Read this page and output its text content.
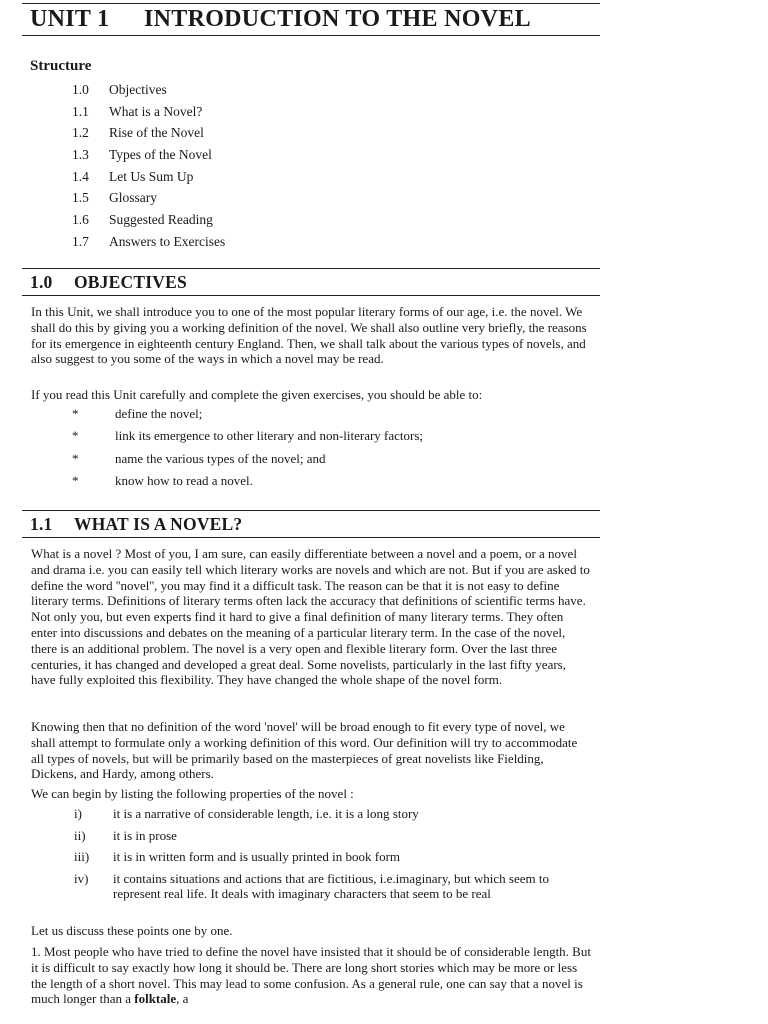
UNIT 1 INTRODUCTION TO THE NOVEL
Structure
1.0 Objectives
1.1 What is a Novel?
1.2 Rise of the Novel
1.3 Types of the Novel
1.4 Let Us Sum Up
1.5 Glossary
1.6 Suggested Reading
1.7 Answers to Exercises
1.0 OBJECTIVES

In this Unit, we shall introduce you to one of the most popular literary forms of our age, i.e. the novel. We shall do this by giving you a working definition of the novel. We shall also outline very briefly, the reasons for its emergence in eighteenth century England. Then, we shall talk about the various types of novels, and also suggest to you some of the ways in which a novel may be read.

If you read this Unit carefully and complete the given exercises, you should be able to:

*	define the novel;
*	link its emergence to other literary and non-literary factors;
*	name the various types of the novel; and
*	know how to read a novel.
1.1 WHAT IS A NOVEL?

What is a novel ? Most of you, I am sure, can easily differentiate between a novel and a poem, or a novel and drama i.e. you can easily tell which literary works are novels and which are not. But if you are asked to define the word ''novel'', you may find it a difficult task. The reason can be that it is not easy to define literary terms. Definitions of literary terms often lack the accuracy that definitions of scientific terms have. Not only you, but even experts find it hard to give a final definition of many literary terms. They often enter into discussions and debates on the meaning of a particular literary term. In the case of the novel, there is an additional problem. The novel is a very open and flexible literary form. Over the last three centuries, it has changed and developed a great deal. Some novelists, particularly in the last fifty years, have fully exploited this flexibility. They have changed the whole shape of the novel form.

Knowing then that no definition of the word 'novel' will be broad enough to fit every type of novel, we shall attempt to formulate only a working definition of this word. Our definition will try to accommodate all types of novels, but will be primarily based on the masterpieces of great novelists like Fielding, Dickens, and Hardy, among others.

We can begin by listing the following properties of the novel :

i)	it is a narrative of considerable length, i.e. it is a long story
ii)	it is in prose
iii)	it is in written form and is usually printed in book form
iv)	it contains situations and actions that are fictitious, i.e.imaginary, but which seem to represent real life. It deals with imaginary characters that seem to be real

Let us discuss these points one by one.

1. Most people who have tried to define the novel have insisted that it should be of considerable length. But it is difficult to say exactly how long it should be. There are long short stories which may be more or less the length of a short novel. This may lead to some confusion. As a general rule, one can say that a novel is much longer than a folktale, a
